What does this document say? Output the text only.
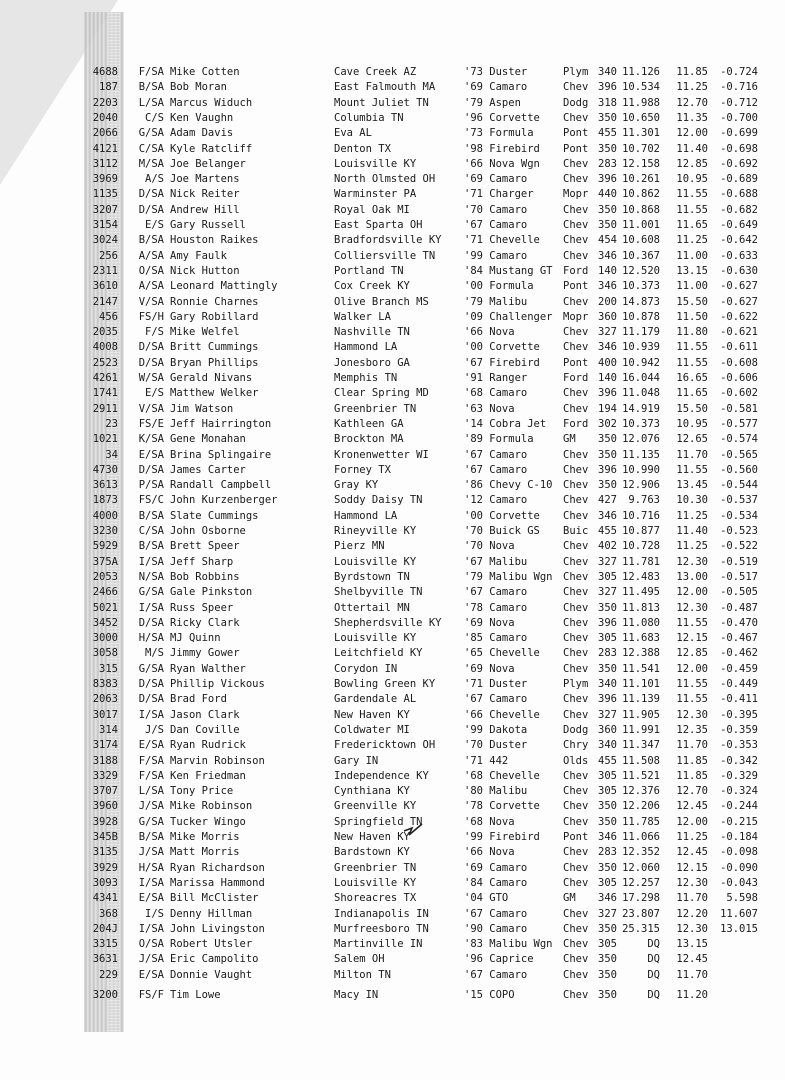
4688 F/SA Mike Cotten	Cave Creek AZ	'73 Duster	Plym 340 11.126	11.85	-0.724
187 B/SA Bob Moran	East Falmouth MA	'69 Camaro	Chev 396 10.534	11.25	-0.716
2203 L/SA Marcus Widuch	Mount Juliet TN	'79 Aspen	Dodg 318 11.988	12.70	-0.712
2040	C/S Ken Vaughn	Columbia TN	'96 Corvette Chev 350 10.650	11.35	-0.700
2066 G/SA Adam Davis	Eva AL	'73 Formula	Pont 455 11.301	12.00	-0.699
4121 C/SA Kyle Ratcliff	Denton TX	'98 Firebird Pont 350 10.702	11.40	-0.698
3112 M/SA Joe Belanger	Louisville KY	'66 Nova Wgn Chev 283 12.158	12.85	-0.692
3969	A/S Joe Martens	North Olmsted OH	'69 Camaro	Chev 396 10.261	10.95	-0.689
1135 D/SA Nick Reiter	Warminster PA	'71 Charger	Mopr 440 10.862	11.55	-0.688
3207 D/SA Andrew Hill	Royal Oak MI	'70 Camaro	Chev 350 10.868	11.55	-0.682
3154	E/S Gary Russell	East Sparta OH	'67 Camaro	Chev 350 11.001	11.65	-0.649
3024 B/SA Houston Raikes	Bradfordsville KY '71 Chevelle Chev 454 10.608	11.25	-0.642
256 A/SA Amy Faulk	Colliersville TN	'99 Camaro	Chev 346 10.367	11.00	-0.633
2311 O/SA Nick Hutton	Portland TN	'84 Mustang GT Ford 140 12.520	13.15	-0.630
3610 A/SA Leonard Mattingly	Cox Creek KY	'00 Formula	Pont 346 10.373	11.00	-0.627
2147 V/SA Ronnie Charnes	Olive Branch MS	'79 Malibu	Chev 200 14.873	15.50	-0.627
456 FS/H Gary Robillard	Walker LA	'09 Challenger Mopr 360 10.878	11.50	-0.622
2035	F/S Mike Welfel	Nashville TN	'66 Nova	Chev 327 11.179	11.80	-0.621
4008 D/SA Britt Cummings	Hammond LA	'00 Corvette Chev 346 10.939	11.55	-0.611
2523 D/SA Bryan Phillips	Jonesboro GA	'67 Firebird Pont 400 10.942	11.55	-0.608
4261 W/SA Gerald Nivans	Memphis TN	'91 Ranger	Ford 140 16.044	16.65	-0.606
1741	E/S Matthew Welker	Clear Spring MD	'68 Camaro	Chev 396 11.048	11.65	-0.602
2911 V/SA Jim Watson	Greenbrier TN	'63 Nova	Chev 194 14.919	15.50	-0.581
23 FS/E Jeff Hairrington	Kathleen GA	'14 Cobra Jet Ford 302 10.373	10.95	-0.577
1021 K/SA Gene Monahan	Brockton MA	'89 Formula	GM 350 12.076	12.65	-0.574
34 E/SA Brina Splingaire	Kronenwetter WI	'67 Camaro	Chev 350 11.135	11.70	-0.565
4730 D/SA James Carter	Forney TX	'67 Camaro	Chev 396 10.990	11.55	-0.560
3613 P/SA Randall Campbell	Gray KY	'86 Chevy C-10 Chev 350 12.906	13.45	-0.544
1873 FS/C John Kurzenberger	Soddy Daisy TN	'12 Camaro	Chev 427	9.763	10.30	-0.537
4000 B/SA Slate Cummings	Hammond LA	'00 Corvette Chev 346 10.716	11.25	-0.534
3230 C/SA John Osborne	Rineyville KY	'70 Buick GS Buic 455 10.877	11.40	-0.523
5929 B/SA Brett Speer	Pierz MN	'70 Nova	Chev 402 10.728	11.25	-0.522
375A I/SA Jeff Sharp	Louisville KY	'67 Malibu	Chev 327 11.781	12.30	-0.519
2053 N/SA Bob Robbins	Byrdstown TN	'79 Malibu Wgn Chev 305 12.483	13.00	-0.517
2466 G/SA Gale Pinkston	Shelbyville TN	'67 Camaro	Chev 327 11.495	12.00	-0.505
5021 I/SA Russ Speer	Ottertail MN	'78 Camaro	Chev 350 11.813	12.30	-0.487
3452 D/SA Ricky Clark	Shepherdsville KY '69 Nova	Chev 396 11.080	11.55	-0.470
3000 H/SA MJ Quinn	Louisville KY	'85 Camaro	Chev 305 11.683	12.15	-0.467
3058	M/S Jimmy Gower	Leitchfield KY	'65 Chevelle Chev 283 12.388	12.85	-0.462
315 G/SA Ryan Walther	Corydon IN	'69 Nova	Chev 350 11.541	12.00	-0.459
8383 D/SA Phillip Vickous	Bowling Green KY	'71 Duster	Plym 340 11.101	11.55	-0.449
2063 D/SA Brad Ford	Gardendale AL	'67 Camaro	Chev 396 11.139	11.55	-0.411
3017 I/SA Jason Clark	New Haven KY	'66 Chevelle Chev 327 11.905	12.30	-0.395
314	J/S Dan Coville	Coldwater MI	'99 Dakota	Dodg 360 11.991	12.35	-0.359
3174 E/SA Ryan Rudrick	Fredericktown OH	'70 Duster	Chry 340 11.347	11.70	-0.353
3188 F/SA Marvin Robinson	Gary IN	'71 442	Olds 455 11.508	11.85	-0.342
3329 F/SA Ken Friedman	Independence KY	'68 Chevelle Chev 305 11.521	11.85	-0.329
3707 L/SA Tony Price	Cynthiana KY	'80 Malibu	Chev 305 12.376	12.70	-0.324
3960 J/SA Mike Robinson	Greenville KY	'78 Corvette Chev 350 12.206	12.45	-0.244
3928 G/SA Tucker Wingo	Springfield TN	'68 Nova	Chev 350 11.785	12.00	-0.215
345B B/SA Mike Morris	New Haven KY	'99 Firebird Pont 346 11.066	11.25	-0.184
3135 J/SA Matt Morris	Bardstown KY	'66 Nova	Chev 283 12.352	12.45	-0.098
3929 H/SA Ryan Richardson	Greenbrier TN	'69 Camaro	Chev 350 12.060	12.15	-0.090
3093 I/SA Marissa Hammond	Louisville KY	'84 Camaro	Chev 305 12.257	12.30	-0.043
4341 E/SA Bill McClister	Shoreacres TX	'04 GTO	GM 346 17.298	11.70	5.598
368	I/S Denny Hillman	Indianapolis IN	'67 Camaro	Chev 327 23.807	12.20	11.607
204J I/SA John Livingston	Murfreesboro TN	'90 Camaro	Chev 350 25.315	12.30	13.015
3315 O/SA Robert Utsler	Martinville IN	'83 Malibu Wgn Chev 305	DQ	13.15
3631 J/SA Eric Campolito	Salem OH	'96 Caprice	Chev 350	DQ	12.45
229 E/SA Donnie Vaught	Milton TN	'67 Camaro	Chev 350	DQ	11.70
3200 FS/F Tim Lowe	Macy IN	'15 COPO	Chev 350	DQ	11.20
